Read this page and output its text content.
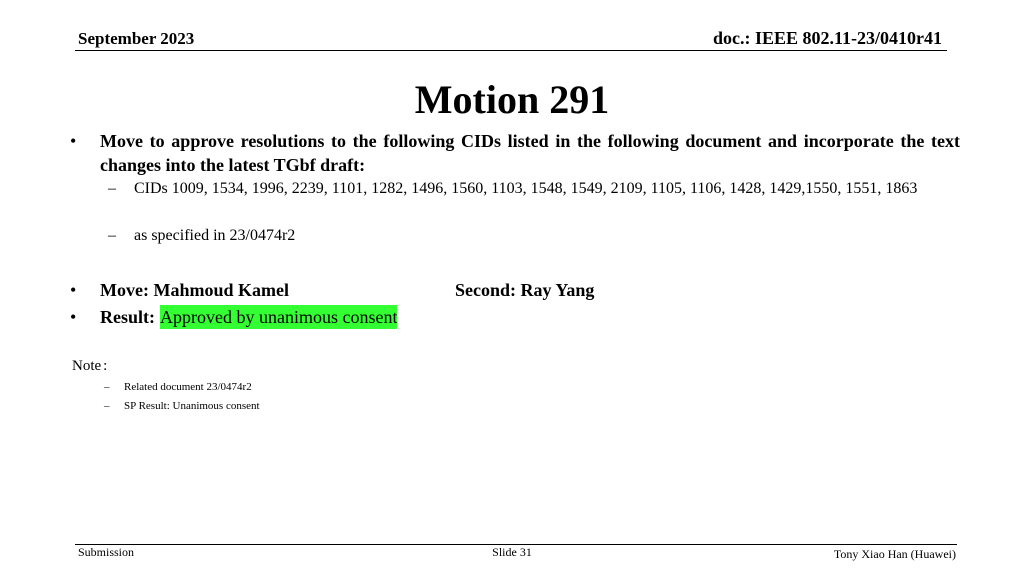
September 2023	doc.: IEEE 802.11-23/0410r41
Motion 291
•	Move to approve resolutions to the following CIDs listed in the following document and incorporate the text changes into the latest TGbf draft:
–	CIDs 1009, 1534, 1996, 2239, 1101, 1282, 1496, 1560, 1103, 1548, 1549, 2109, 1105, 1106, 1428, 1429,1550, 1551, 1863
–	as specified in 23/0474r2
•	Move: Mahmoud Kamel	Second: Ray Yang
•	Result: Approved by unanimous consent
Note :
–	Related document 23/0474r2
–	SP Result: Unanimous consent
Submission	Slide 31	Tony Xiao Han (Huawei)
